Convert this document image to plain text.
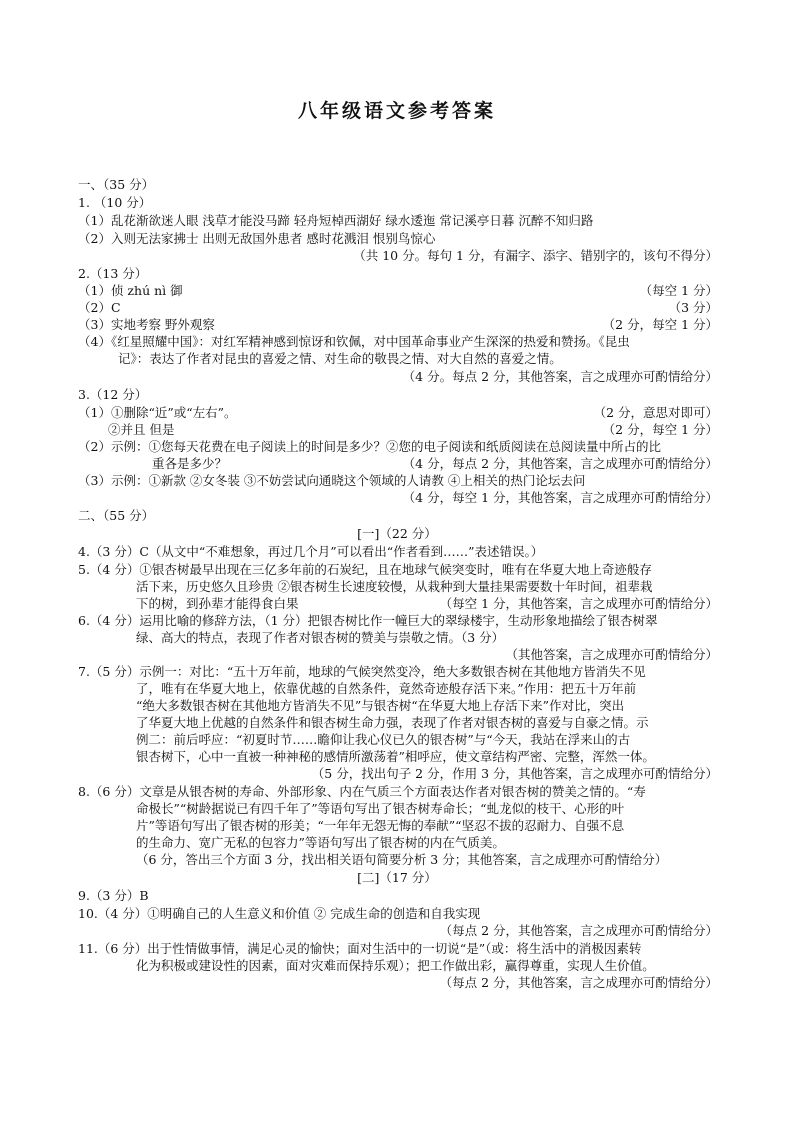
八年级语文参考答案
一、（35 分）
1. （10 分）
（1）乱花渐欲迷人眼 浅草才能没马蹄 轻舟短棹西湖好 绿水逶迤 常记溪亭日暮 沉醉不知归路
（2）入则无法家拂士 出则无敌国外患者 感时花溅泪 恨别鸟惊心
（共 10 分。每句 1 分，有漏字、添字、错别字的，该句不得分）
2.（13 分）
（1）侦 zhú nì 御	（每空 1 分）
（2）C	（3 分）
（3）实地考察 野外观察	（2 分，每空 1 分）
（4）《红星照耀中国》：对红军精神感到惊讶和钦佩，对中国革命事业产生深深的热爱和赞扬。《昆虫
记》：表达了作者对昆虫的喜爱之情、对生命的敬畏之情、对大自然的喜爱之情。
（4 分。每点 2 分，其他答案，言之成理亦可酌情给分）
3.（12 分）
（1）①删除“近”或“左右”。	（2 分，意思对即可）
②并且 但是	（2 分，每空 1 分）
（2）示例：①您每天花费在电子阅读上的时间是多少？②您的电子阅读和纸质阅读在总阅读量中所占的比
重各是多少？	（4 分，每点 2 分，其他答案，言之成理亦可酌情给分）
（3）示例：①新款 ②女冬装 ③不妨尝试向通晓这个领域的人请教 ④上相关的热门论坛去问
（4 分，每空 1 分，其他答案，言之成理亦可酌情给分）
二、（55 分）
[一]（22 分）
4.（3 分）C（从文中“不难想象，再过几个月”可以看出“作者看到……”表述错误。）
5.（4 分）①银杏树最早出现在三亿多年前的石炭纪，且在地球气候突变时，唯有在华夏大地上奇迹般存
活下来，历史悠久且珍贵 ②银杏树生长速度较慢，从栽种到大量挂果需要数十年时间，祖辈栽
下的树，到孙辈才能得食白果	（每空 1 分，其他答案，言之成理亦可酌情给分）
6.（4 分）运用比喻的修辞方法，（1 分）把银杏树比作一幢巨大的翠绿楼宇，生动形象地描绘了银杏树翠
绿、高大的特点，表现了作者对银杏树的赞美与崇敬之情。（3 分）
（其他答案，言之成理亦可酌情给分）
7.（5 分）示例一：对比：“五十万年前，地球的气候突然变冷，绝大多数银杏树在其他地方皆消失不见
了，唯有在华夏大地上，依靠优越的自然条件，竟然奇迹般存活下来。”作用：把五十万年前
“绝大多数银杏树在其他地方皆消失不见”与银杏树“在华夏大地上存活下来”作对比，突出
了华夏大地上优越的自然条件和银杏树生命力强，表现了作者对银杏树的喜爱与自豪之情。示
例二：前后呼应：“初夏时节……瞻仰让我心仪已久的银杏树”与“今天，我站在浮来山的古
银杏树下，心中一直被一种神秘的感情所激荡着”相呼应，使文章结构严密、完整，浑然一体。
（5 分，找出句子 2 分，作用 3 分，其他答案，言之成理亦可酌情给分）
8.（6 分）文章是从银杏树的寿命、外部形象、内在气质三个方面表达作者对银杏树的赞美之情的。“寿
命极长”“树龄据说已有四千年了”等语句写出了银杏树寿命长；“虬龙似的枝干、心形的叶
片”等语句写出了银杏树的形美；“一年年无怨无悔的奉献”“坚忍不拔的忍耐力、自强不息
的生命力、宽广无私的包容力”等语句写出了银杏树的内在气质美。
（6 分，答出三个方面 3 分，找出相关语句简要分析 3 分；其他答案，言之成理亦可酌情给分）
[二]（17 分）
9.（3 分）B
10.（4 分）①明确自己的人生意义和价值 ② 完成生命的创造和自我实现
（每点 2 分，其他答案，言之成理亦可酌情给分）
11.（6 分）出于性情做事情，满足心灵的愉快；面对生活中的一切说“是”（或：将生活中的消极因素转
化为积极或建设性的因素，面对灾难而保持乐观）；把工作做出彩，赢得尊重，实现人生价值。
（每点 2 分，其他答案，言之成理亦可酌情给分）
